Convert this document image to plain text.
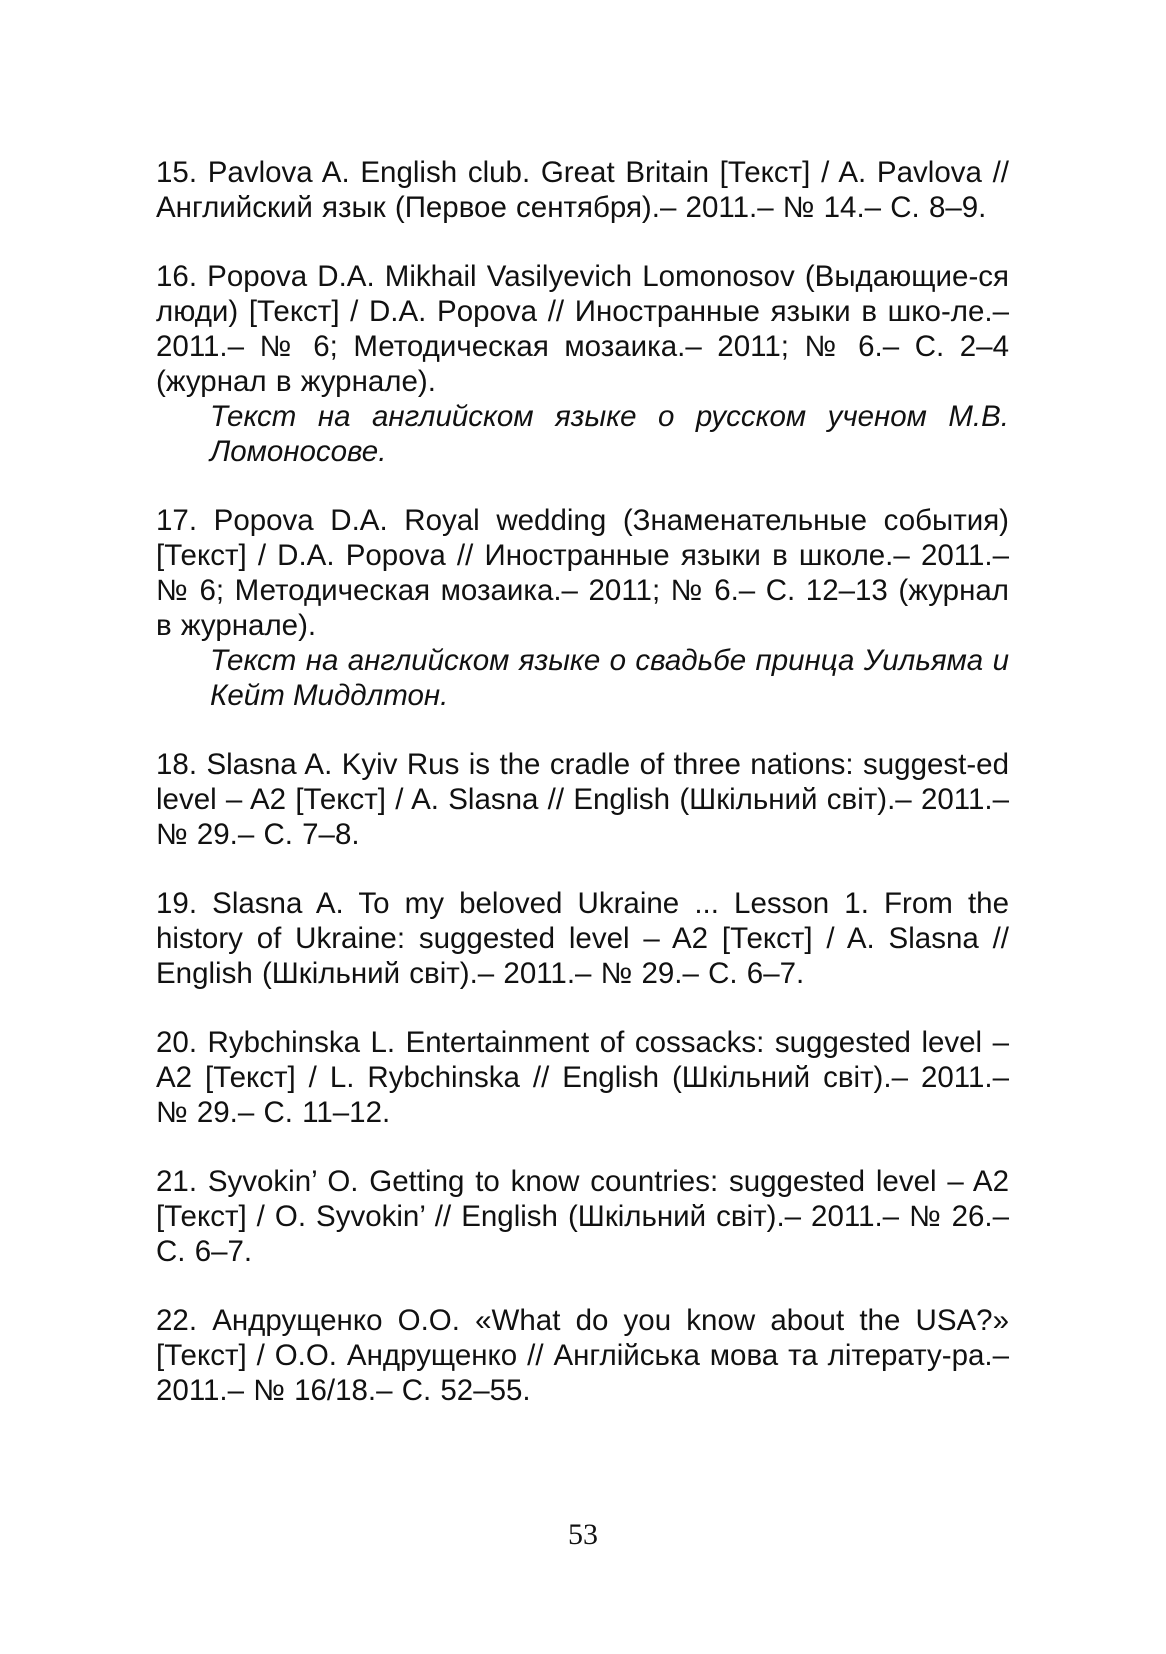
15. Pavlova A. English club. Great Britain [Текст] / A. Pavlova // Английский язык (Первое сентября).– 2011.– № 14.– С. 8–9.
16. Popova D.A. Mikhail Vasilyevich Lomonosov (Выдающие-ся люди) [Текст] / D.A. Popova // Иностранные языки в шко-ле.– 2011.– № 6; Методическая мозаика.– 2011; № 6.– С. 2–4 (журнал в журнале).
Текст на английском языке о русском ученом М.В. Ломоносове.
17. Popova D.A. Royal wedding (Знаменательные события) [Текст] / D.A. Popova // Иностранные языки в школе.– 2011.– № 6; Методическая мозаика.– 2011; № 6.– С. 12–13 (журнал в журнале).
Текст на английском языке о свадьбе принца Уильяма и Кейт Миддлтон.
18. Slasna A. Kyiv Rus is the cradle of three nations: suggest-ed level – A2 [Текст] / A. Slasna // English (Шкільний світ).– 2011.– № 29.– С. 7–8.
19. Slasna A. To my beloved Ukraine ... Lesson 1. From the history of Ukraine: suggested level – A2 [Текст] / A. Slasna // English (Шкільний світ).– 2011.– № 29.– С. 6–7.
20. Rybchinska L. Entertainment of cossacks: suggested level – A2 [Текст] / L. Rybchinska // English (Шкільний світ).– 2011.– № 29.– С. 11–12.
21. Syvokin’ O. Getting to know countries: suggested level – A2 [Текст] / O. Syvokin’ // English (Шкільний світ).– 2011.– № 26.– С. 6–7.
22. Андрущенко О.О. «What do you know about the USA?» [Текст] / О.О. Андрущенко // Англійська мова та літерату-ра.– 2011.– № 16/18.– С. 52–55.
53
